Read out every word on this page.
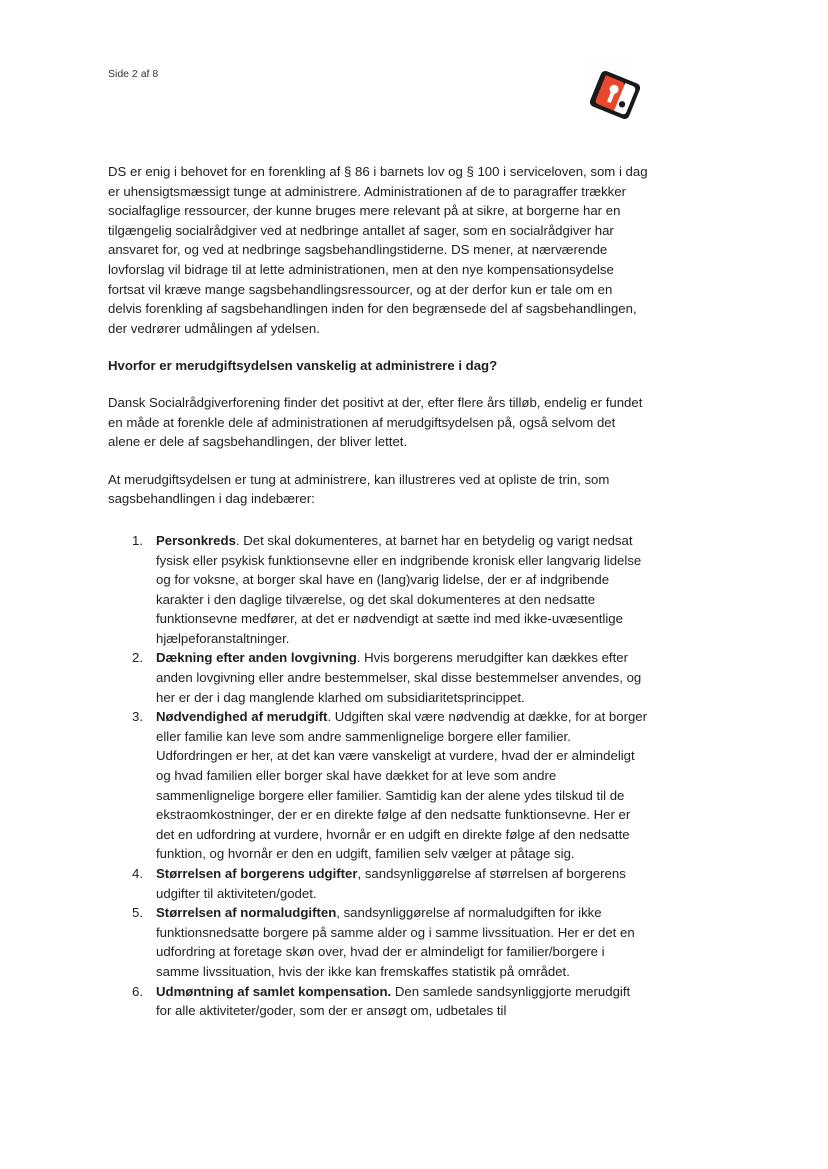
Side 2 af 8

DS er enig i behovet for en forenkling af § 86 i barnets lov og § 100 i serviceloven, som i dag er uhensigtsmæssigt tunge at administrere. Administrationen af de to paragraffer trækker socialfaglige ressourcer, der kunne bruges mere relevant på at sikre, at borgerne har en tilgængelig socialrådgiver ved at nedbringe antallet af sager, som en socialrådgiver har ansvaret for, og ved at nedbringe sagsbehandlingstiderne. DS mener, at nærværende lovforslag vil bidrage til at lette administrationen, men at den nye kompensationsydelse fortsat vil kræve mange sagsbehandlingsressourcer, og at der derfor kun er tale om en delvis forenkling af sagsbehandlingen inden for den begrænsede del af sagsbehandlingen, der vedrører udmålingen af ydelsen.

Hvorfor er merudgiftsydelsen vanskelig at administrere i dag?

Dansk Socialrådgiverforening finder det positivt at der, efter flere års tilløb, endelig er fundet en måde at forenkle dele af administrationen af merudgiftsydelsen på, også selvom det alene er dele af sagsbehandlingen, der bliver lettet.

At merudgiftsydelsen er tung at administrere, kan illustreres ved at opliste de trin, som sagsbehandlingen i dag indebærer:

1. Personkreds. Det skal dokumenteres, at barnet har en betydelig og varigt nedsat fysisk eller psykisk funktionsevne eller en indgribende kronisk eller langvarig lidelse og for voksne, at borger skal have en (lang)varig lidelse, der er af indgribende karakter i den daglige tilværelse, og det skal dokumenteres at den nedsatte funktionsevne medfører, at det er nødvendigt at sætte ind med ikke-uvæsentlige hjælpeforanstaltninger.
2. Dækning efter anden lovgivning. Hvis borgerens merudgifter kan dækkes efter anden lovgivning eller andre bestemmelser, skal disse bestemmelser anvendes, og her er der i dag manglende klarhed om subsidiaritetsprincippet.
3. Nødvendighed af merudgift. Udgiften skal være nødvendig at dække, for at borger eller familie kan leve som andre sammenlignelige borgere eller familier. Udfordringen er her, at det kan være vanskeligt at vurdere, hvad der er almindeligt og hvad familien eller borger skal have dækket for at leve som andre sammenlignelige borgere eller familier. Samtidig kan der alene ydes tilskud til de ekstraomkostninger, der er en direkte følge af den nedsatte funktionsevne. Her er det en udfordring at vurdere, hvornår er en udgift en direkte følge af den nedsatte funktion, og hvornår er den en udgift, familien selv vælger at påtage sig.
4. Størrelsen af borgerens udgifter, sandsynliggørelse af størrelsen af borgerens udgifter til aktiviteten/godet.
5. Størrelsen af normaludgiften, sandsynliggørelse af normaludgiften for ikke funktionsnedsatte borgere på samme alder og i samme livssituation. Her er det en udfordring at foretage skøn over, hvad der er almindeligt for familier/borgere i samme livssituation, hvis der ikke kan fremskaffes statistik på området.
6. Udmøntning af samlet kompensation. Den samlede sandsynliggjorte merudgift for alle aktiviteter/goder, som der er ansøgt om, udbetales til
